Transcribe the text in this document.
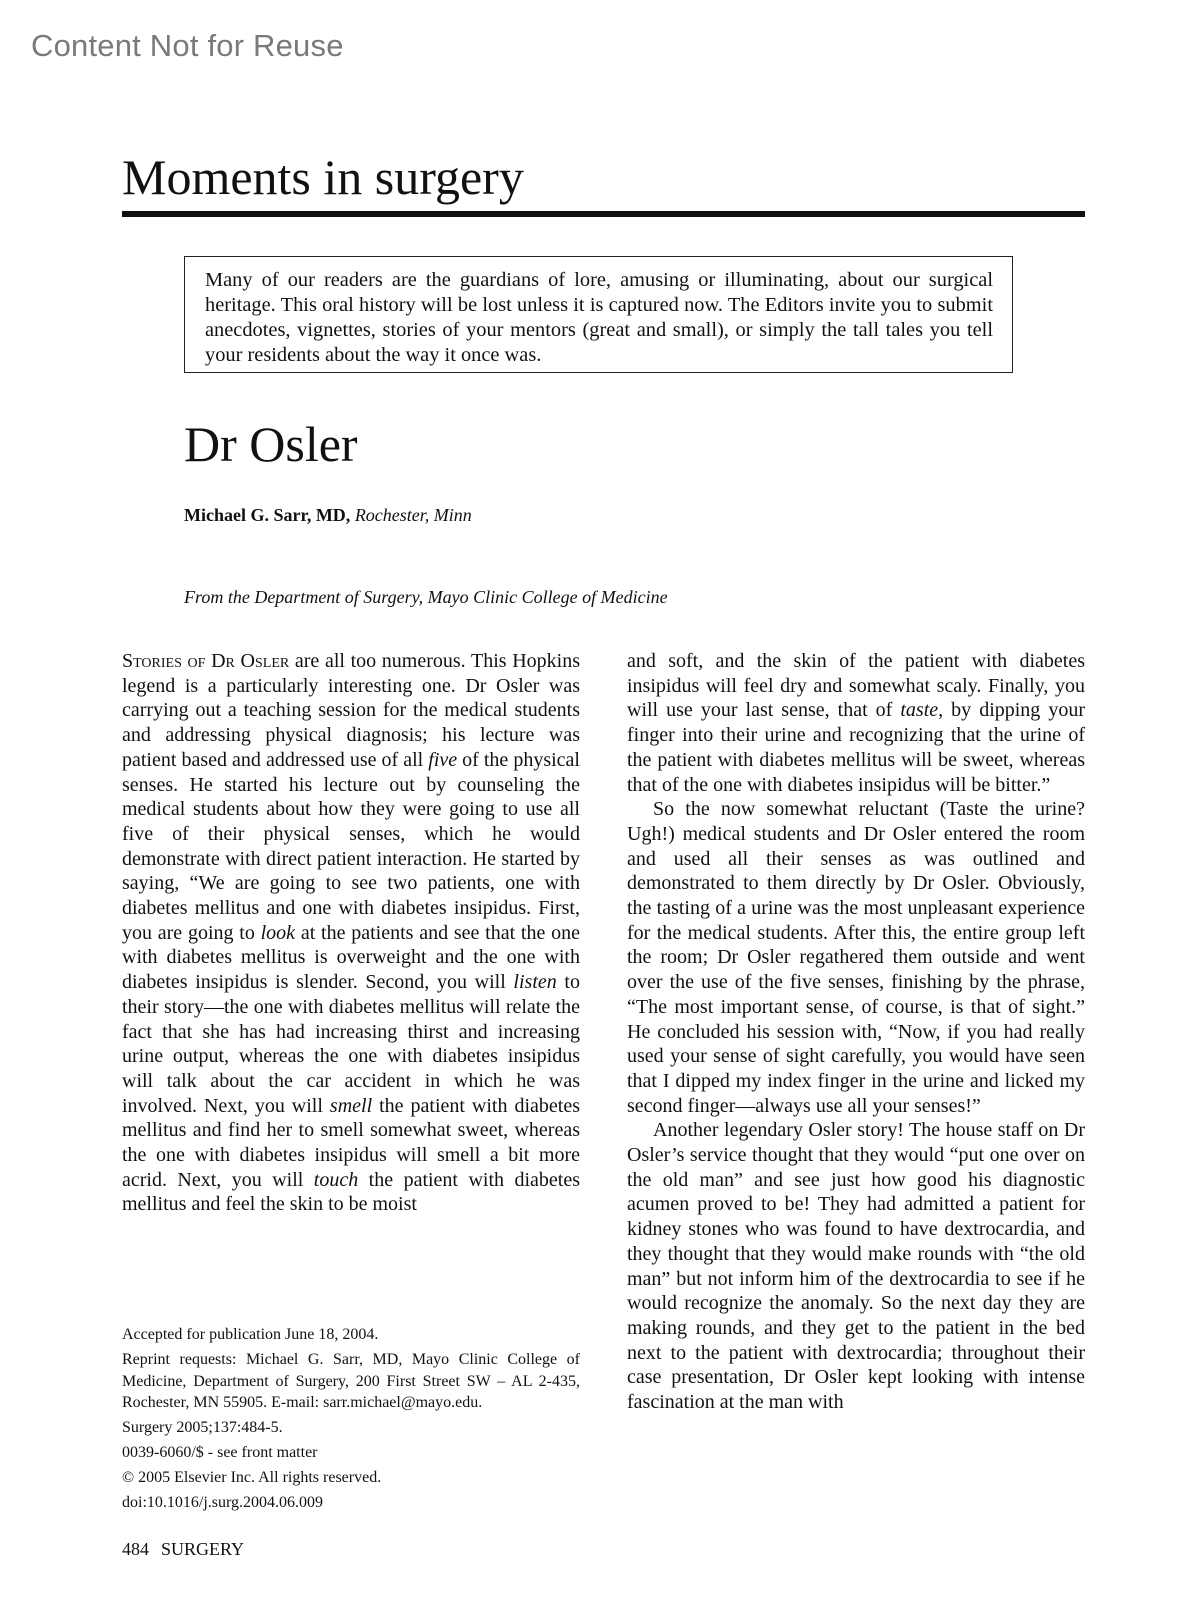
Content Not for Reuse
Moments in surgery
Many of our readers are the guardians of lore, amusing or illuminating, about our surgical heritage. This oral history will be lost unless it is captured now. The Editors invite you to submit anecdotes, vignettes, stories of your mentors (great and small), or simply the tall tales you tell your residents about the way it once was.
Dr Osler
Michael G. Sarr, MD, Rochester, Minn
From the Department of Surgery, Mayo Clinic College of Medicine

Stories of Dr Osler are all too numerous. This Hopkins legend is a particularly interesting one. Dr Osler was carrying out a teaching session for the medical students and addressing physical diagnosis; his lecture was patient based and addressed use of all five of the physical senses. He started his lecture out by counseling the medical students about how they were going to use all five of their physical senses, which he would demonstrate with direct patient interaction. He started by saying, “We are going to see two patients, one with diabetes mellitus and one with diabetes insipidus. First, you are going to look at the patients and see that the one with diabetes mellitus is overweight and the one with diabetes insipidus is slender. Second, you will listen to their story—the one with diabetes mellitus will relate the fact that she has had increasing thirst and increasing urine output, whereas the one with diabetes insipidus will talk about the car accident in which he was involved. Next, you will smell the patient with diabetes mellitus and find her to smell somewhat sweet, whereas the one with diabetes insipidus will smell a bit more acrid. Next, you will touch the patient with diabetes mellitus and feel the skin to be moist

and soft, and the skin of the patient with diabetes insipidus will feel dry and somewhat scaly. Finally, you will use your last sense, that of taste, by dipping your finger into their urine and recognizing that the urine of the patient with diabetes mellitus will be sweet, whereas that of the one with diabetes insipidus will be bitter.”

So the now somewhat reluctant (Taste the urine? Ugh!) medical students and Dr Osler entered the room and used all their senses as was outlined and demonstrated to them directly by Dr Osler. Obviously, the tasting of a urine was the most unpleasant experience for the medical students. After this, the entire group left the room; Dr Osler regathered them outside and went over the use of the five senses, finishing by the phrase, “The most important sense, of course, is that of sight.” He concluded his session with, “Now, if you had really used your sense of sight carefully, you would have seen that I dipped my index finger in the urine and licked my second finger—always use all your senses!”

Another legendary Osler story! The house staff on Dr Osler’s service thought that they would “put one over on the old man” and see just how good his diagnostic acumen proved to be! They had admitted a patient for kidney stones who was found to have dextrocardia, and they thought that they would make rounds with “the old man” but not inform him of the dextrocardia to see if he would recognize the anomaly. So the next day they are making rounds, and they get to the patient in the bed next to the patient with dextrocardia; throughout their case presentation, Dr Osler kept looking with intense fascination at the man with

Accepted for publication June 18, 2004.

Reprint requests: Michael G. Sarr, MD, Mayo Clinic College of Medicine, Department of Surgery, 200 First Street SW – AL 2-435, Rochester, MN 55905. E-mail: sarr.michael@mayo.edu.

Surgery 2005;137:484-5.

0039-6060/$ - see front matter

© 2005 Elsevier Inc. All rights reserved.

doi:10.1016/j.surg.2004.06.009

484 SURGERY
